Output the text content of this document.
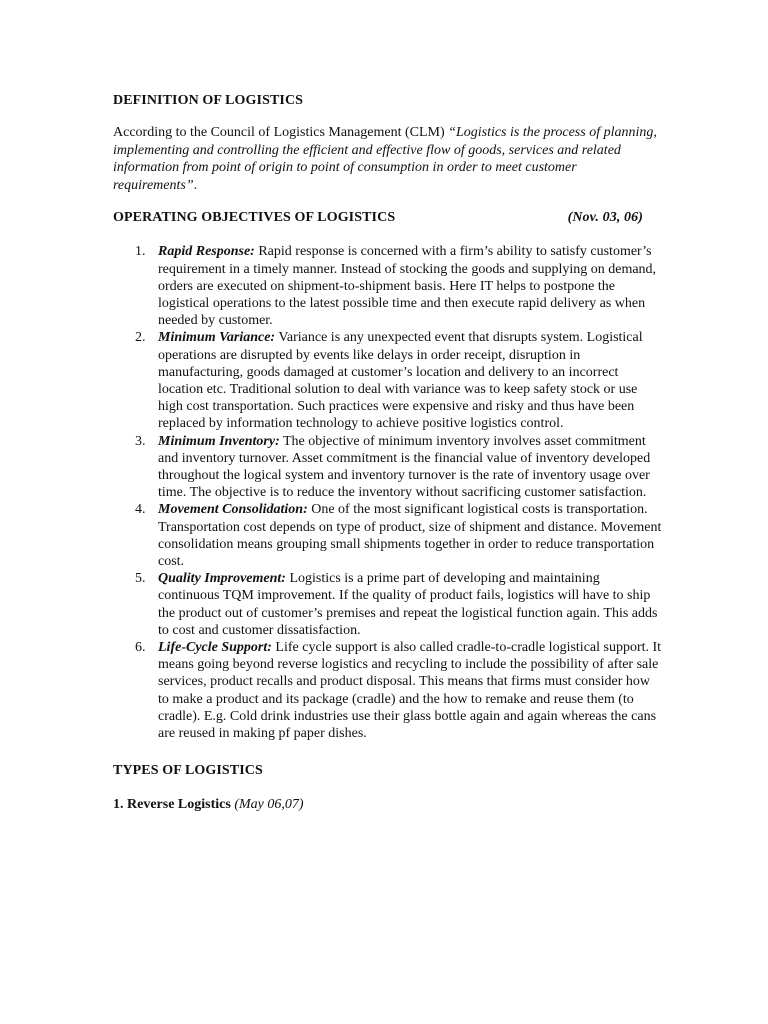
DEFINITION OF LOGISTICS

According to the Council of Logistics Management (CLM) “Logistics is the process of planning, implementing and controlling the efficient and effective flow of goods, services and related information from point of origin to point of consumption in order to meet customer requirements”.

OPERATING OBJECTIVES OF LOGISTICS	(Nov. 03, 06)
1. Rapid Response: Rapid response is concerned with a firm’s ability to satisfy customer’s requirement in a timely manner. Instead of stocking the goods and supplying on demand, orders are executed on shipment-to-shipment basis. Here IT helps to postpone the logistical operations to the latest possible time and then execute rapid delivery as when needed by customer.
2. Minimum Variance: Variance is any unexpected event that disrupts system. Logistical operations are disrupted by events like delays in order receipt, disruption in manufacturing, goods damaged at customer’s location and delivery to an incorrect location etc. Traditional solution to deal with variance was to keep safety stock or use high cost transportation. Such practices were expensive and risky and thus have been replaced by information technology to achieve positive logistics control.
3. Minimum Inventory: The objective of minimum inventory involves asset commitment and inventory turnover. Asset commitment is the financial value of inventory developed throughout the logical system and inventory turnover is the rate of inventory usage over time. The objective is to reduce the inventory without sacrificing customer satisfaction.
4. Movement Consolidation: One of the most significant logistical costs is transportation. Transportation cost depends on type of product, size of shipment and distance. Movement consolidation means grouping small shipments together in order to reduce transportation cost.
5. Quality Improvement: Logistics is a prime part of developing and maintaining continuous TQM improvement. If the quality of product fails, logistics will have to ship the product out of customer’s premises and repeat the logistical function again. This adds to cost and customer dissatisfaction.
6. Life-Cycle Support: Life cycle support is also called cradle-to-cradle logistical support. It means going beyond reverse logistics and recycling to include the possibility of after sale services, product recalls and product disposal. This means that firms must consider how to make a product and its package (cradle) and the how to remake and reuse them (to cradle). E.g. Cold drink industries use their glass bottle again and again whereas the cans are reused in making pf paper dishes.

TYPES OF LOGISTICS

1. Reverse Logistics (May 06,07)
